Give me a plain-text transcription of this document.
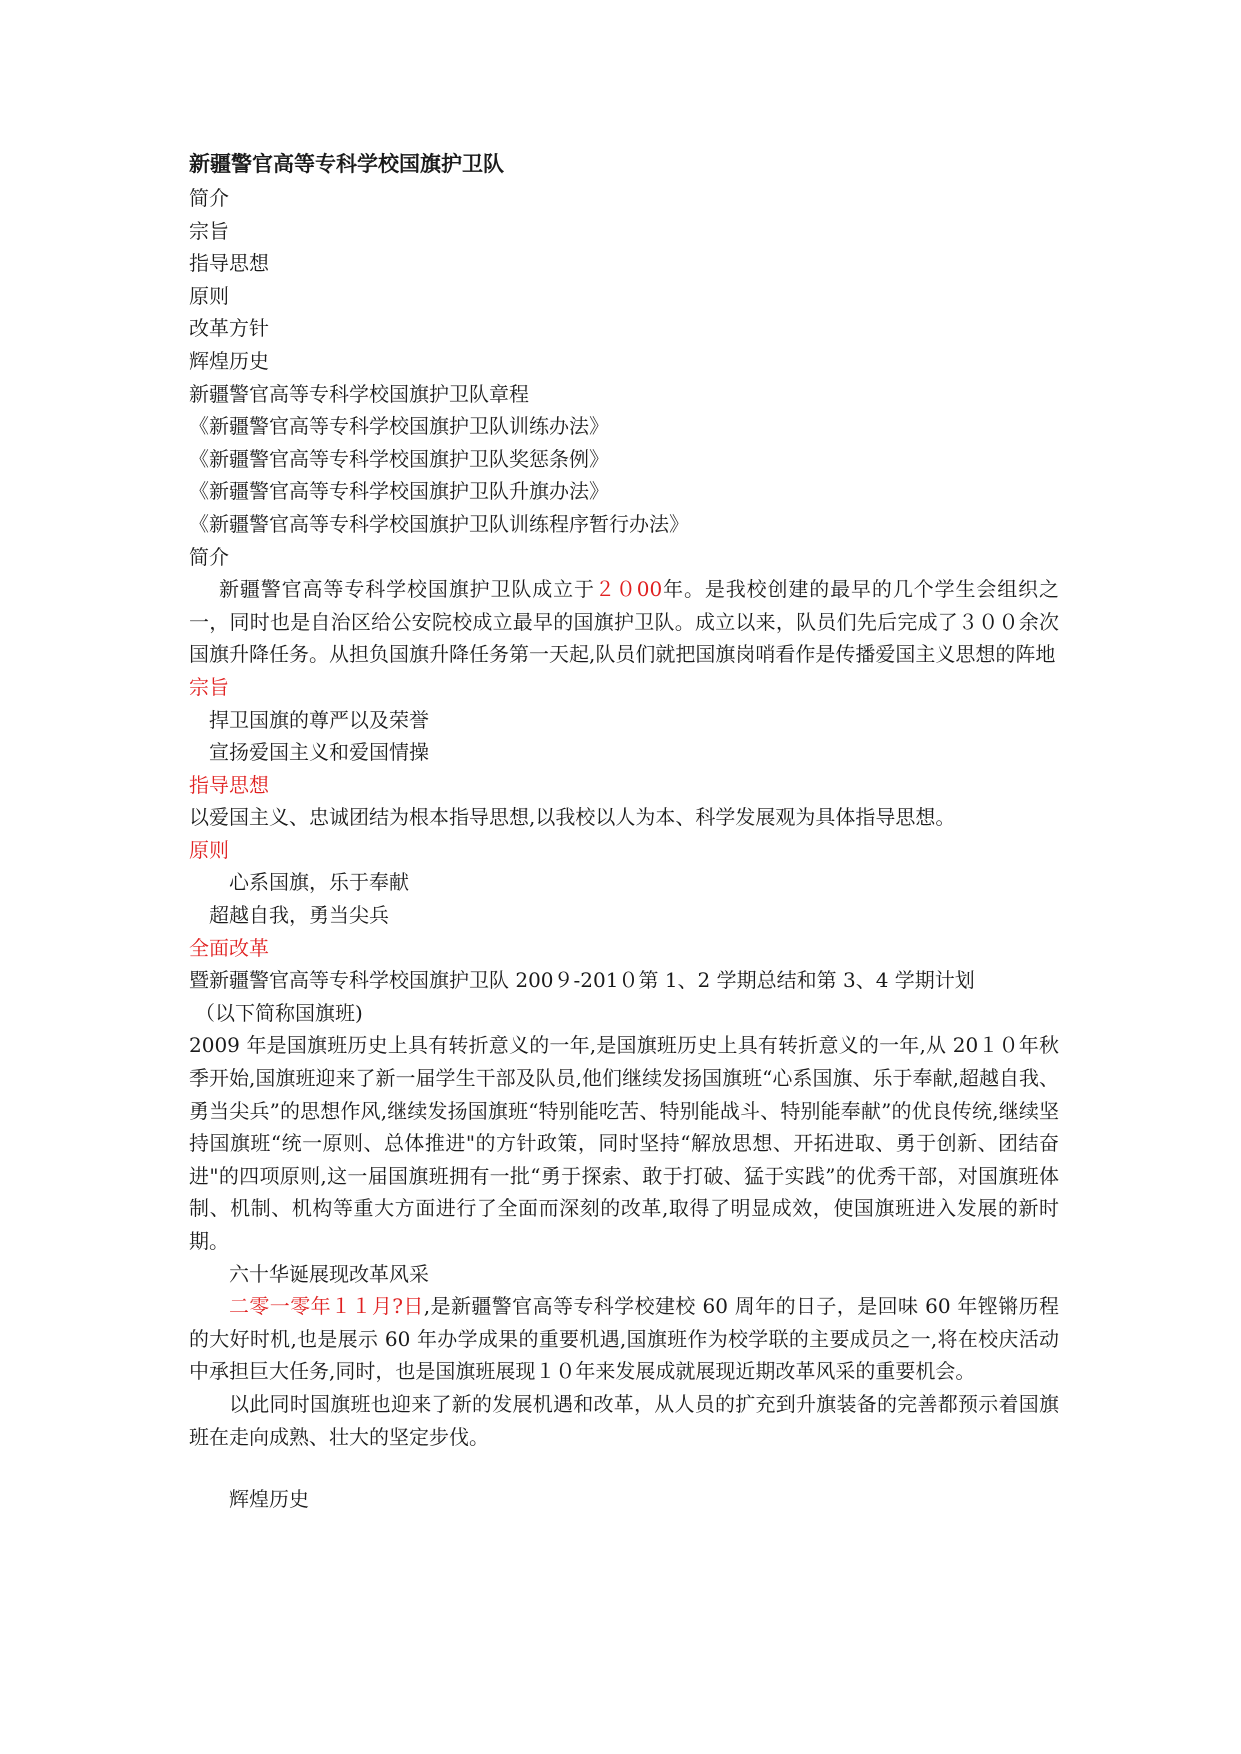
新疆警官高等专科学校国旗护卫队

简介

宗旨

指导思想

原则

改革方针

辉煌历史

新疆警官高等专科学校国旗护卫队章程

《新疆警官高等专科学校国旗护卫队训练办法》

《新疆警官高等专科学校国旗护卫队奖惩条例》

《新疆警官高等专科学校国旗护卫队升旗办法》

《新疆警官高等专科学校国旗护卫队训练程序暂行办法》

简介

新疆警官高等专科学校国旗护卫队成立于２０00年。是我校创建的最早的几个学生会组织之一，同时也是自治区给公安院校成立最早的国旗护卫队。成立以来，队员们先后完成了３００余次国旗升降任务。从担负国旗升降任务第一天起,队员们就把国旗岗哨看作是传播爱国主义思想的阵地

宗旨

捍卫国旗的尊严以及荣誉

宣扬爱国主义和爱国情操

指导思想

以爱国主义、忠诚团结为根本指导思想,以我校以人为本、科学发展观为具体指导思想。

原则

心系国旗，乐于奉献

超越自我，勇当尖兵

全面改革

暨新疆警官高等专科学校国旗护卫队 200９-201０第 1、2 学期总结和第 3、4 学期计划

（以下简称国旗班)

2009 年是国旗班历史上具有转折意义的一年,是国旗班历史上具有转折意义的一年,从 20１０年秋季开始,国旗班迎来了新一届学生干部及队员,他们继续发扬国旗班“心系国旗、乐于奉献,超越自我、勇当尖兵”的思想作风,继续发扬国旗班“特别能吃苦、特别能战斗、特别能奉献”的优良传统,继续坚持国旗班“统一原则、总体推进"的方针政策，同时坚持“解放思想、开拓进取、勇于创新、团结奋进"的四项原则,这一届国旗班拥有一批“勇于探索、敢于打破、猛于实践”的优秀干部，对国旗班体制、机制、机构等重大方面进行了全面而深刻的改革,取得了明显成效，使国旗班进入发展的新时期。

六十华诞展现改革风采

二零一零年１１月?日,是新疆警官高等专科学校建校 60 周年的日子，是回味 60 年铿锵历程的大好时机,也是展示 60 年办学成果的重要机遇,国旗班作为校学联的主要成员之一,将在校庆活动中承担巨大任务,同时，也是国旗班展现１０年来发展成就展现近期改革风采的重要机会。

以此同时国旗班也迎来了新的发展机遇和改革，从人员的扩充到升旗装备的完善都预示着国旗班在走向成熟、壮大的坚定步伐。

辉煌历史
